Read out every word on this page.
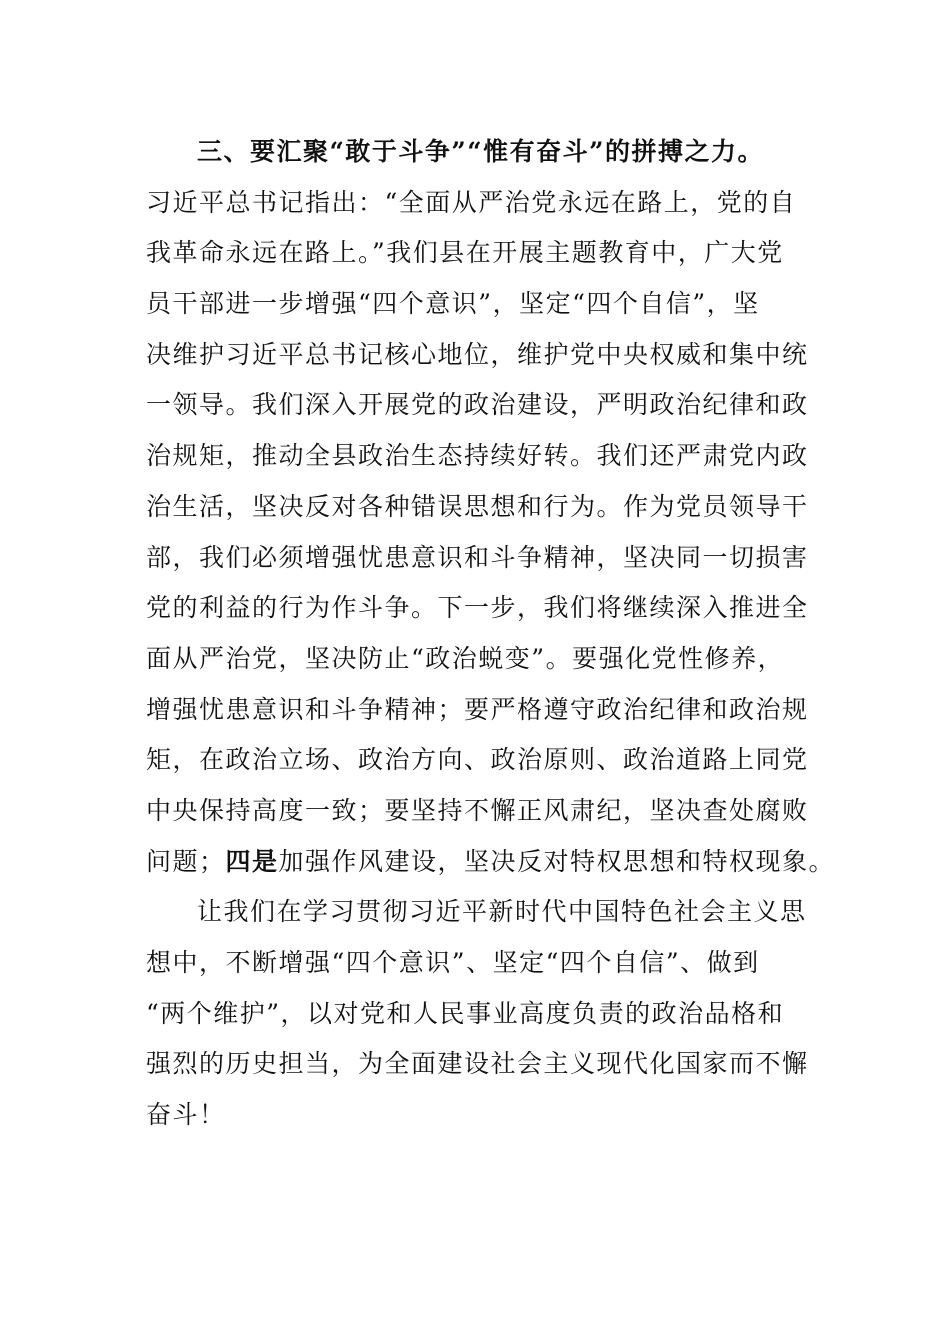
三、要汇聚“敢于斗争”“惟有奋斗”的拼搏之力。
习近平总书记指出：“全面从严治党永远在路上，党的自
我革命永远在路上。”我们县在开展主题教育中，广大党
员干部进一步增强“四个意识”，坚定“四个自信”，坚
决维护习近平总书记核心地位，维护党中央权威和集中统
一领导。我们深入开展党的政治建设，严明政治纪律和政
治规矩，推动全县政治生态持续好转。我们还严肃党内政
治生活，坚决反对各种错误思想和行为。作为党员领导干
部，我们必须增强忧患意识和斗争精神，坚决同一切损害
党的利益的行为作斗争。下一步，我们将继续深入推进全
面从严治党，坚决防止“政治蜕变”。要强化党性修养，
增强忧患意识和斗争精神；要严格遵守政治纪律和政治规
矩，在政治立场、政治方向、政治原则、政治道路上同党
中央保持高度一致；要坚持不懈正风肃纪，坚决查处腐败
问题；四是加强作风建设，坚决反对特权思想和特权现象。
让我们在学习贯彻习近平新时代中国特色社会主义思
想中，不断增强“四个意识”、坚定“四个自信”、做到
“两个维护”，以对党和人民事业高度负责的政治品格和
强烈的历史担当，为全面建设社会主义现代化国家而不懈
奋斗！
